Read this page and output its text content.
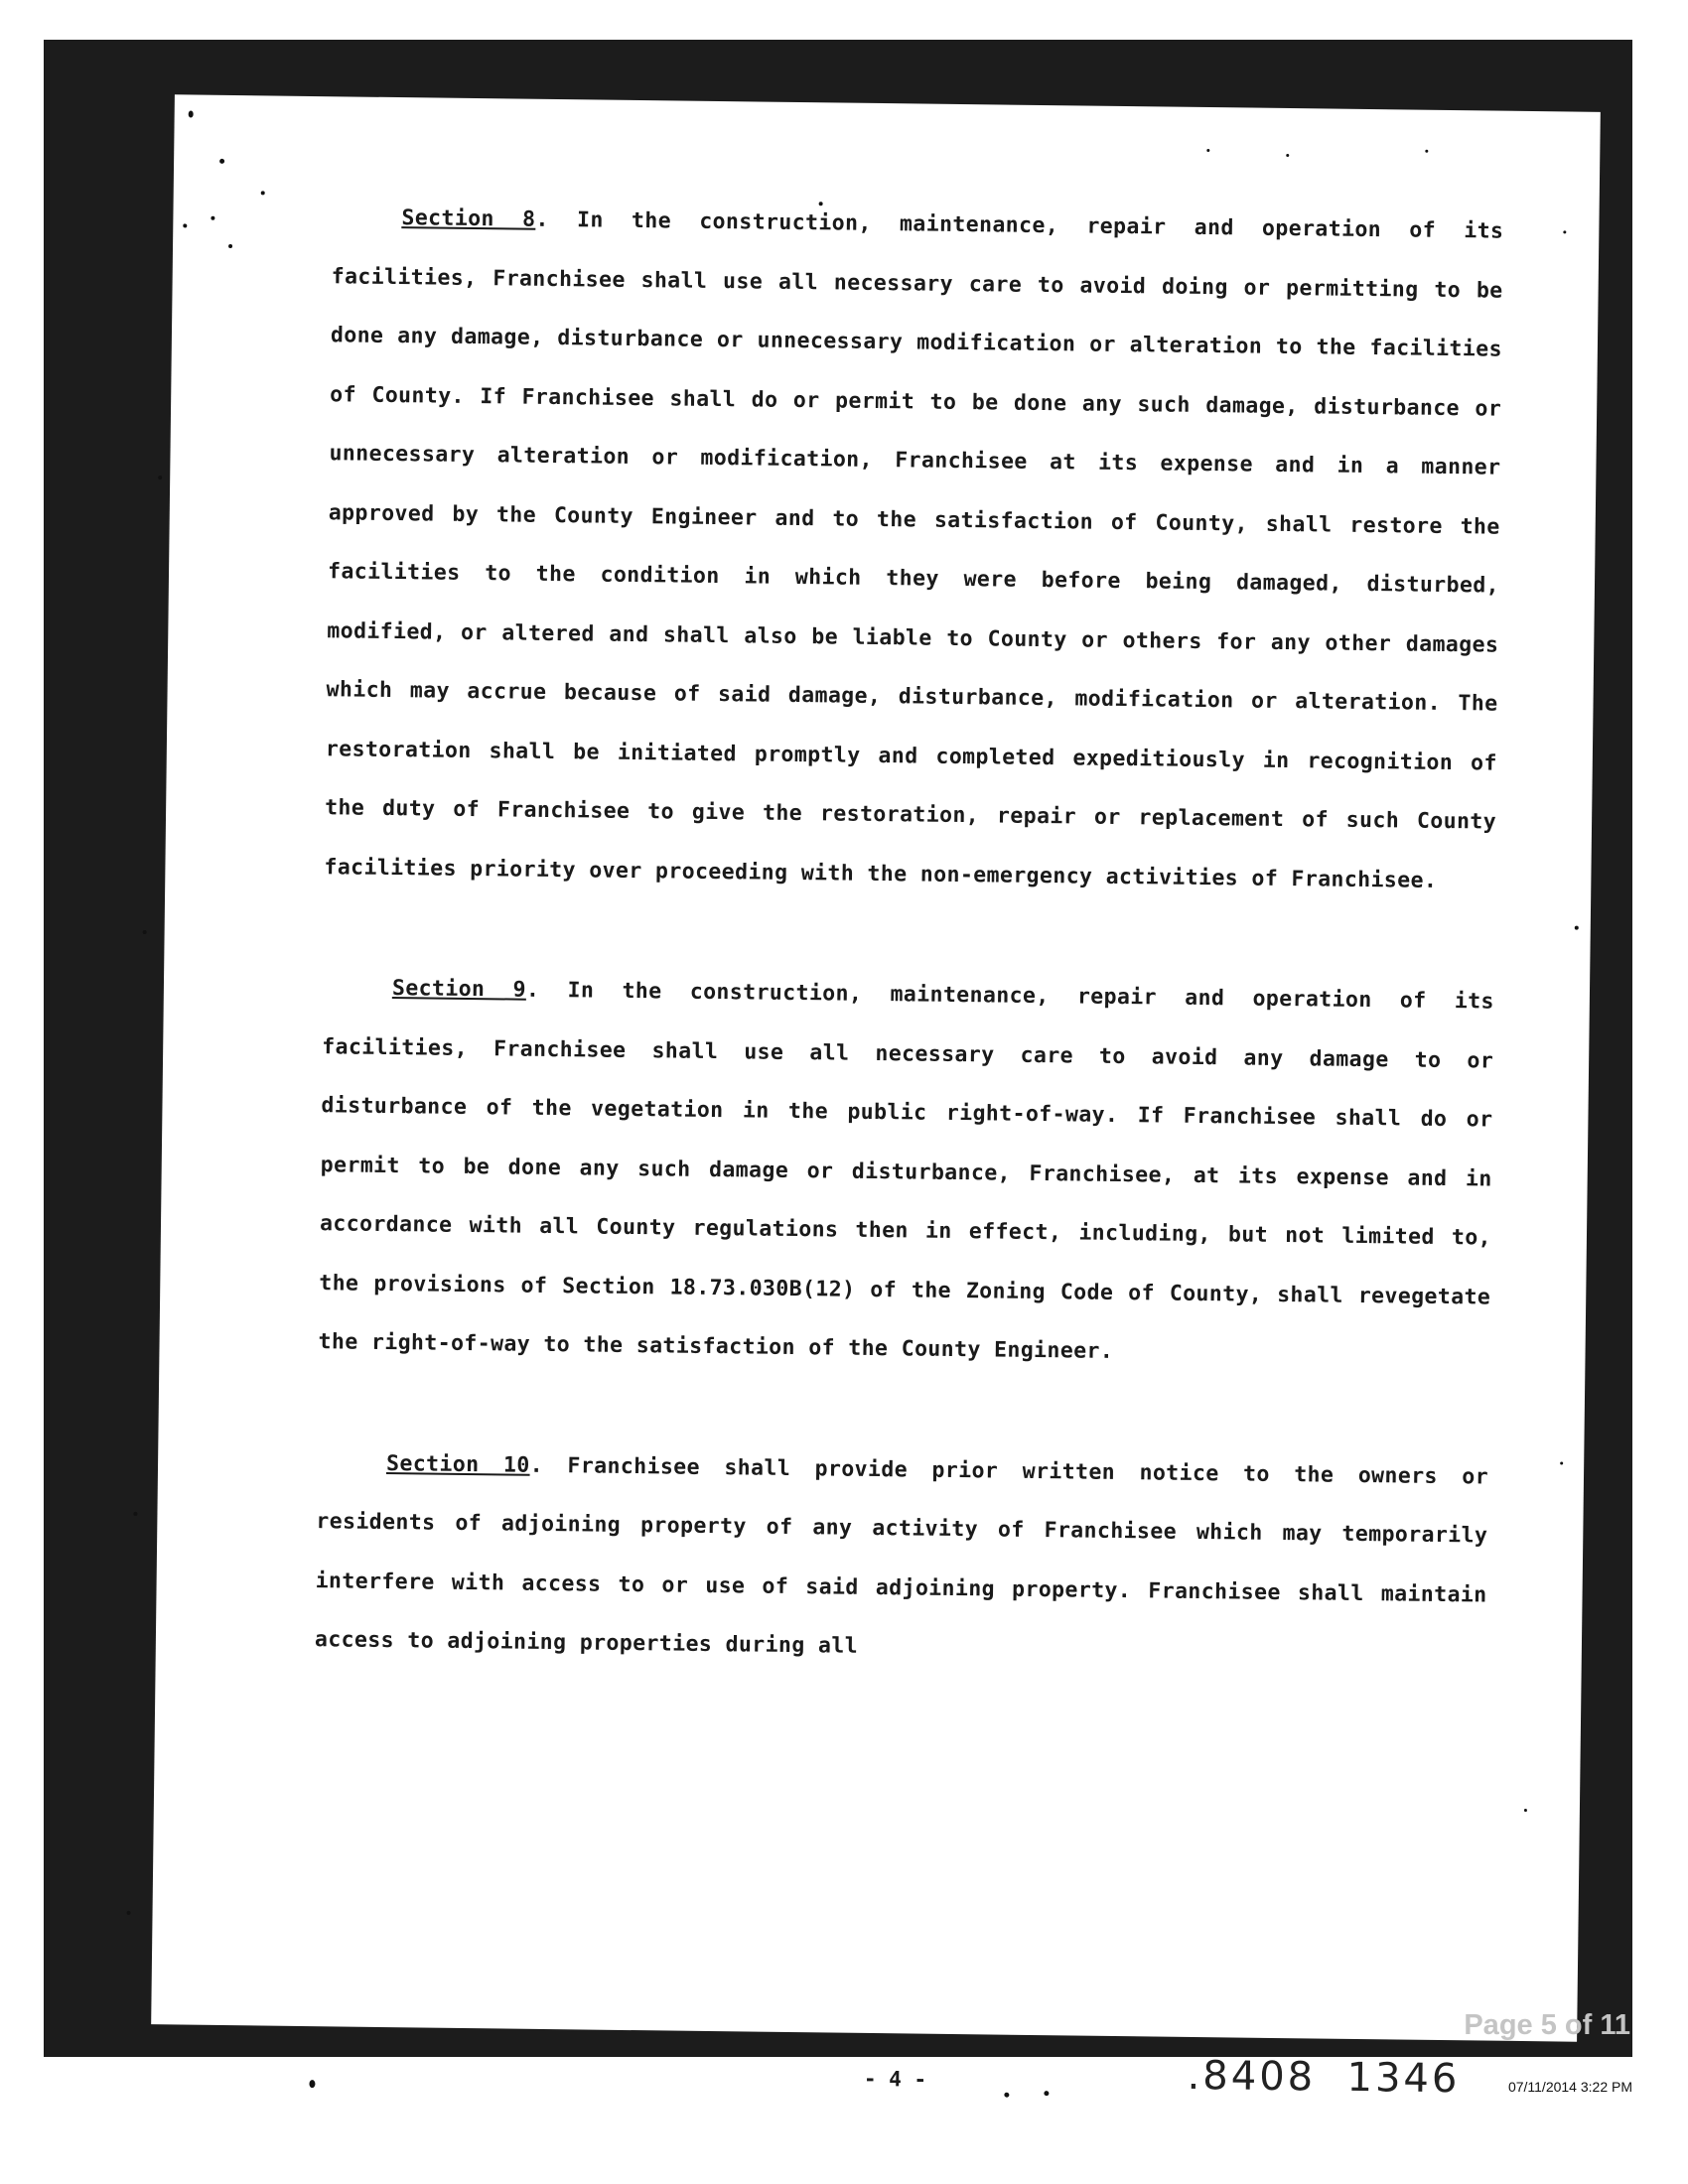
Section 8. In the construction, maintenance, repair and operation of its facilities, Franchisee shall use all necessary care to avoid doing or permitting to be done any damage, disturbance or unnecessary modification or alteration to the facilities of County. If Franchisee shall do or permit to be done any such damage, disturbance or unnecessary alteration or modification, Franchisee at its expense and in a manner approved by the County Engineer and to the satisfaction of County, shall restore the facilities to the condition in which they were before being damaged, disturbed, modified, or altered and shall also be liable to County or others for any other damages which may accrue because of said damage, disturbance, modification or alteration. The restoration shall be initiated promptly and completed expeditiously in recognition of the duty of Franchisee to give the restoration, repair or replacement of such County facilities priority over proceeding with the non-emergency activities of Franchisee.

Section 9. In the construction, maintenance, repair and operation of its facilities, Franchisee shall use all necessary care to avoid any damage to or disturbance of the vegetation in the public right-of-way. If Franchisee shall do or permit to be done any such damage or disturbance, Franchisee, at its expense and in accordance with all County regulations then in effect, including, but not limited to, the provisions of Section 18.73.030B(12) of the Zoning Code of County, shall revegetate the right-of-way to the satisfaction of the County Engineer.

Section 10. Franchisee shall provide prior written notice to the owners or residents of adjoining property of any activity of Franchisee which may temporarily interfere with access to or use of said adjoining property. Franchisee shall maintain access to adjoining properties during all

- 4 -	.8408  1346
Page 5 of 11
07/11/2014 3:22 PM
